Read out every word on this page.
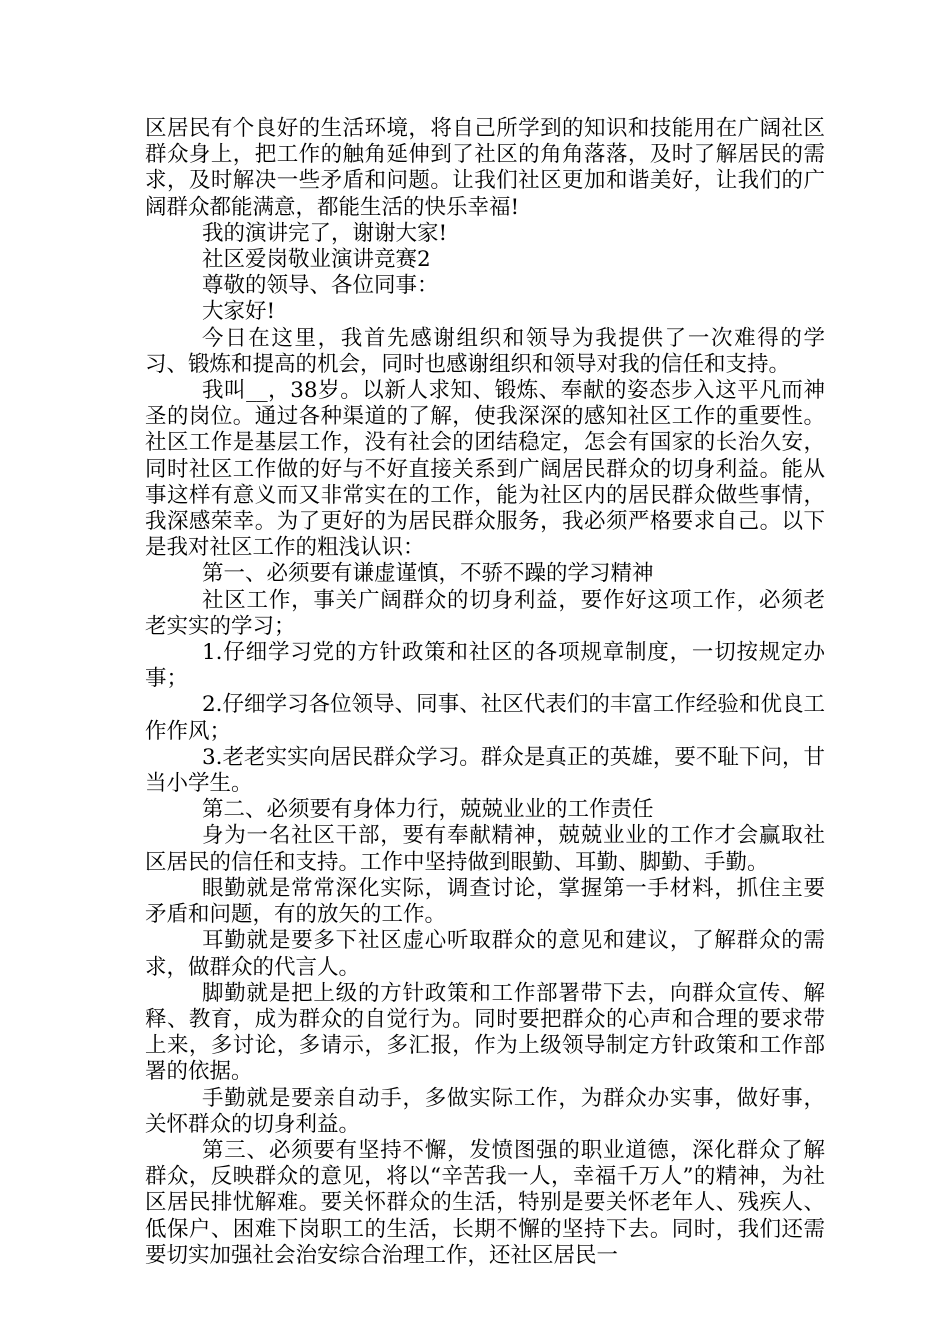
区居民有个良好的生活环境，将自己所学到的知识和技能用在广阔社区群众身上，把工作的触角延伸到了社区的角角落落，及时了解居民的需求，及时解决一些矛盾和问题。让我们社区更加和谐美好，让我们的广阔群众都能满意，都能生活的快乐幸福!

我的演讲完了，谢谢大家!

社区爱岗敬业演讲竞赛2

尊敬的领导、各位同事：

大家好!

今日在这里，我首先感谢组织和领导为我提供了一次难得的学习、锻炼和提高的机会，同时也感谢组织和领导对我的信任和支持。

我叫__，38岁。以新人求知、锻炼、奉献的姿态步入这平凡而神圣的岗位。通过各种渠道的了解，使我深深的感知社区工作的重要性。社区工作是基层工作，没有社会的团结稳定，怎会有国家的长治久安，同时社区工作做的好与不好直接关系到广阔居民群众的切身利益。能从事这样有意义而又非常实在的工作，能为社区内的居民群众做些事情，我深感荣幸。为了更好的为居民群众服务，我必须严格要求自己。以下是我对社区工作的粗浅认识：

第一、必须要有谦虚谨慎，不骄不躁的学习精神

社区工作，事关广阔群众的切身利益，要作好这项工作，必须老老实实的学习；

1.仔细学习党的方针政策和社区的各项规章制度，一切按规定办事；

2.仔细学习各位领导、同事、社区代表们的丰富工作经验和优良工作作风；

3.老老实实向居民群众学习。群众是真正的英雄，要不耻下问，甘当小学生。

第二、必须要有身体力行，兢兢业业的工作责任

身为一名社区干部，要有奉献精神，兢兢业业的工作才会赢取社区居民的信任和支持。工作中坚持做到眼勤、耳勤、脚勤、手勤。

眼勤就是常常深化实际，调查讨论，掌握第一手材料，抓住主要矛盾和问题，有的放矢的工作。

耳勤就是要多下社区虚心听取群众的意见和建议，了解群众的需求，做群众的代言人。

脚勤就是把上级的方针政策和工作部署带下去，向群众宣传、解释、教育，成为群众的自觉行为。同时要把群众的心声和合理的要求带上来，多讨论，多请示，多汇报，作为上级领导制定方针政策和工作部署的依据。

手勤就是要亲自动手，多做实际工作，为群众办实事，做好事，关怀群众的切身利益。

第三、必须要有坚持不懈，发愤图强的职业道德，深化群众了解群众，反映群众的意见，将以“辛苦我一人，幸福千万人”的精神，为社区居民排忧解难。要关怀群众的生活，特别是要关怀老年人、残疾人、低保户、困难下岗职工的生活，长期不懈的坚持下去。同时，我们还需要切实加强社会治安综合治理工作，还社区居民一
